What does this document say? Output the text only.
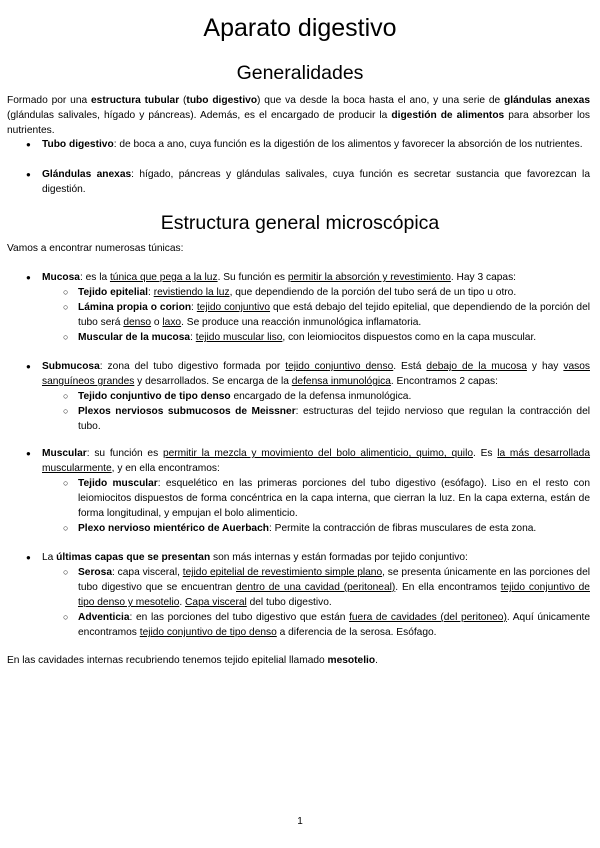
Aparato digestivo
Generalidades

Formado por una estructura tubular (tubo digestivo) que va desde la boca hasta el ano, y una serie de glándulas anexas (glándulas salivales, hígado y páncreas). Además, es el encargado de producir la digestión de alimentos para absorber los nutrientes.

● Tubo digestivo: de boca a ano, cuya función es la digestión de los alimentos y favorecer la absorción de los nutrientes.

● Glándulas anexas: hígado, páncreas y glándulas salivales, cuya función es secretar sustancia que favorezcan la digestión.

Estructura general microscópica

Vamos a encontrar numerosas túnicas:

● Mucosa: es la túnica que pega a la luz. Su función es permitir la absorción y revestimiento. Hay 3 capas:

○ Tejido epitelial: revistiendo la luz, que dependiendo de la porción del tubo será de un tipo u otro.

○ Lámina propia o corion: tejido conjuntivo que está debajo del tejido epitelial, que dependiendo de la porción del tubo será denso o laxo. Se produce una reacción inmunológica inflamatoria.

○ Muscular de la mucosa: tejido muscular liso, con leiomiocitos dispuestos como en la capa muscular.

● Submucosa: zona del tubo digestivo formada por tejido conjuntivo denso. Está debajo de la mucosa y hay vasos sanguíneos grandes y desarrollados. Se encarga de la defensa inmunológica. Encontramos 2 capas:

○ Tejido conjuntivo de tipo denso encargado de la defensa inmunológica.

○ Plexos nerviosos submucosos de Meissner: estructuras del tejido nervioso que regulan la contracción del tubo.

● Muscular: su función es permitir la mezcla y movimiento del bolo alimenticio, quimo, quilo. Es la más desarrollada muscularmente, y en ella encontramos:

○ Tejido muscular: esquelético en las primeras porciones del tubo digestivo (esófago). Liso en el resto con leiomiocitos dispuestos de forma concéntrica en la capa interna, que cierran la luz. En la capa externa, están de forma longitudinal, y empujan el bolo alimenticio.

○ Plexo nervioso mientérico de Auerbach: Permite la contracción de fibras musculares de esta zona.

● La últimas capas que se presentan son más internas y están formadas por tejido conjuntivo:

○ Serosa: capa visceral, tejido epitelial de revestimiento simple plano, se presenta únicamente en las porciones del tubo digestivo que se encuentran dentro de una cavidad (peritoneal). En ella encontramos tejido conjuntivo de tipo denso y mesotelio. Capa visceral del tubo digestivo.

○ Adventicia: en las porciones del tubo digestivo que están fuera de cavidades (del peritoneo). Aquí únicamente encontramos tejido conjuntivo de tipo denso a diferencia de la serosa. Esófago.

En las cavidades internas recubriendo tenemos tejido epitelial llamado mesotelio.

1
